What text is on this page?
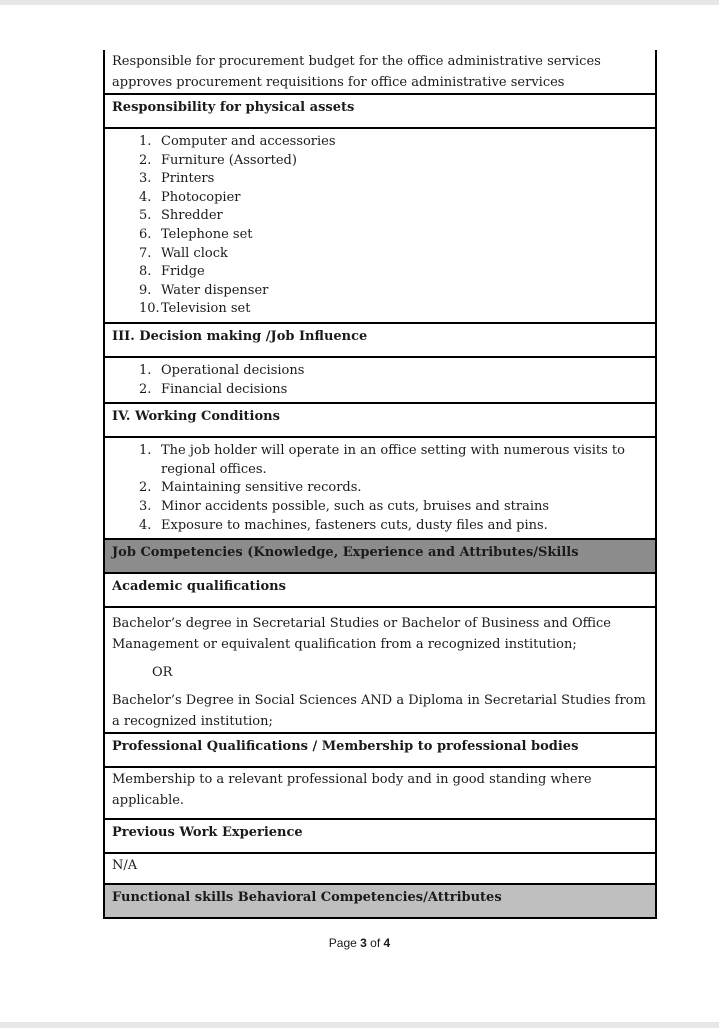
Responsible for procurement budget for the office administrative services approves procurement requisitions for office administrative services
Responsibility for physical assets
Computer and accessories
Furniture (Assorted)
Printers
Photocopier
Shredder
Telephone set
Wall clock
Fridge
Water dispenser
Television set
III. Decision making /Job Influence
Operational decisions
Financial decisions
IV. Working Conditions
The job holder will operate in an office setting with numerous visits to regional offices.
Maintaining sensitive records.
Minor accidents possible, such as cuts, bruises and strains
Exposure to machines, fasteners cuts, dusty files and pins.
Job Competencies (Knowledge, Experience and Attributes/Skills
Academic qualifications

Bachelor’s degree in Secretarial Studies or Bachelor of Business and Office Management or equivalent qualification from a recognized institution;

OR

Bachelor’s Degree in Social Sciences AND a Diploma in Secretarial Studies from a recognized institution;

Professional Qualifications / Membership to professional bodies
Membership to a relevant professional body and in good standing where applicable.
Previous Work Experience
N/A
Functional skills Behavioral Competencies/Attributes
Page 3 of 4
